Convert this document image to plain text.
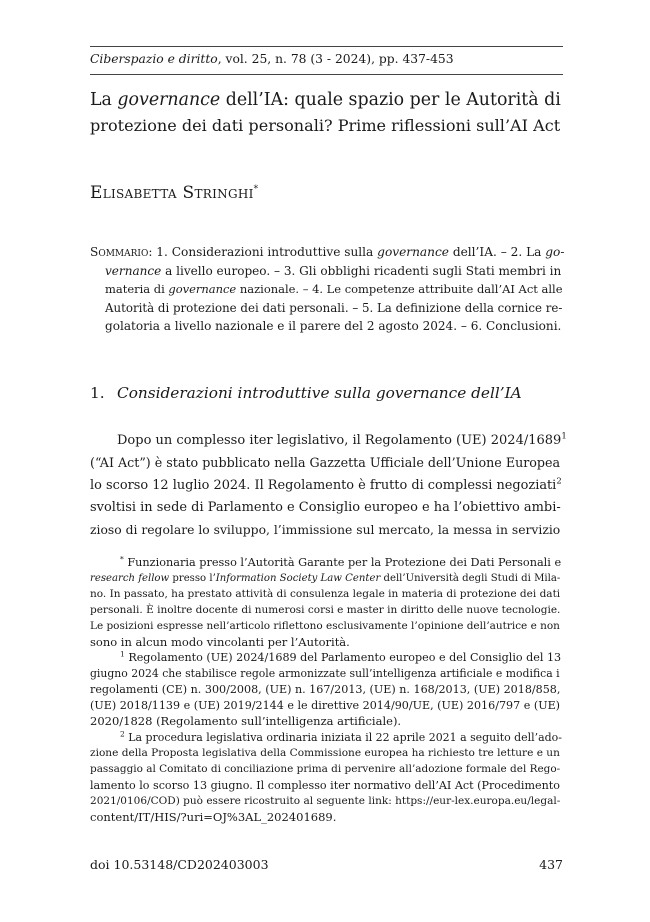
Ciberspazio e diritto, vol. 25, n. 78 (3 - 2024), pp. 437-453
La governance dell’IA: quale spazio per le Autorità di
protezione dei dati personali? Prime riflessioni sull’AI Act
Elisabetta Stringhi*
Sommario: 1. Considerazioni introduttive sulla governance dell’IA. – 2. La go-
vernance a livello europeo. – 3. Gli obblighi ricadenti sugli Stati membri in
materia di governance nazionale. – 4. Le competenze attribuite dall’AI Act alle
Autorità di protezione dei dati personali. – 5. La definizione della cornice re-
golatoria a livello nazionale e il parere del 2 agosto 2024. – 6. Conclusioni.
1. Considerazioni introduttive sulla governance dell’IA
Dopo un complesso iter legislativo, il Regolamento (UE) 2024/1689$^1$
(“AI Act”) è stato pubblicato nella Gazzetta Ufficiale dell’Unione Europea
lo scorso 12 luglio 2024. Il Regolamento è frutto di complessi negoziati$^2$
svoltisi in sede di Parlamento e Consiglio europeo e ha l’obiettivo ambi-
zioso di regolare lo sviluppo, l’immissione sul mercato, la messa in servizio
* Funzionaria presso l’Autorità Garante per la Protezione dei Dati Personali e
research fellow presso l’Information Society Law Center dell’Università degli Studi di Mila-
no. In passato, ha prestato attività di consulenza legale in materia di protezione dei dati
personali. È inoltre docente di numerosi corsi e master in diritto delle nuove tecnologie.
Le posizioni espresse nell’articolo riflettono esclusivamente l’opinione dell’autrice e non
sono in alcun modo vincolanti per l’Autorità.
$^1$ Regolamento (UE) 2024/1689 del Parlamento europeo e del Consiglio del 13
giugno 2024 che stabilisce regole armonizzate sull’intelligenza artificiale e modifica i
regolamenti (CE) n. 300/2008, (UE) n. 167/2013, (UE) n. 168/2013, (UE) 2018/858,
(UE) 2018/1139 e (UE) 2019/2144 e le direttive 2014/90/UE, (UE) 2016/797 e (UE)
2020/1828 (Regolamento sull’intelligenza artificiale).
$^2$ La procedura legislativa ordinaria iniziata il 22 aprile 2021 a seguito dell’ado-
zione della Proposta legislativa della Commissione europea ha richiesto tre letture e un
passaggio al Comitato di conciliazione prima di pervenire all’adozione formale del Rego-
lamento lo scorso 13 giugno. Il complesso iter normativo dell’AI Act (Procedimento
2021/0106/COD) può essere ricostruito al seguente link: https://eur-lex.europa.eu/legal-
content/IT/HIS/?uri=OJ%3AL_202401689.
doi 10.53148/CD202403003	437
